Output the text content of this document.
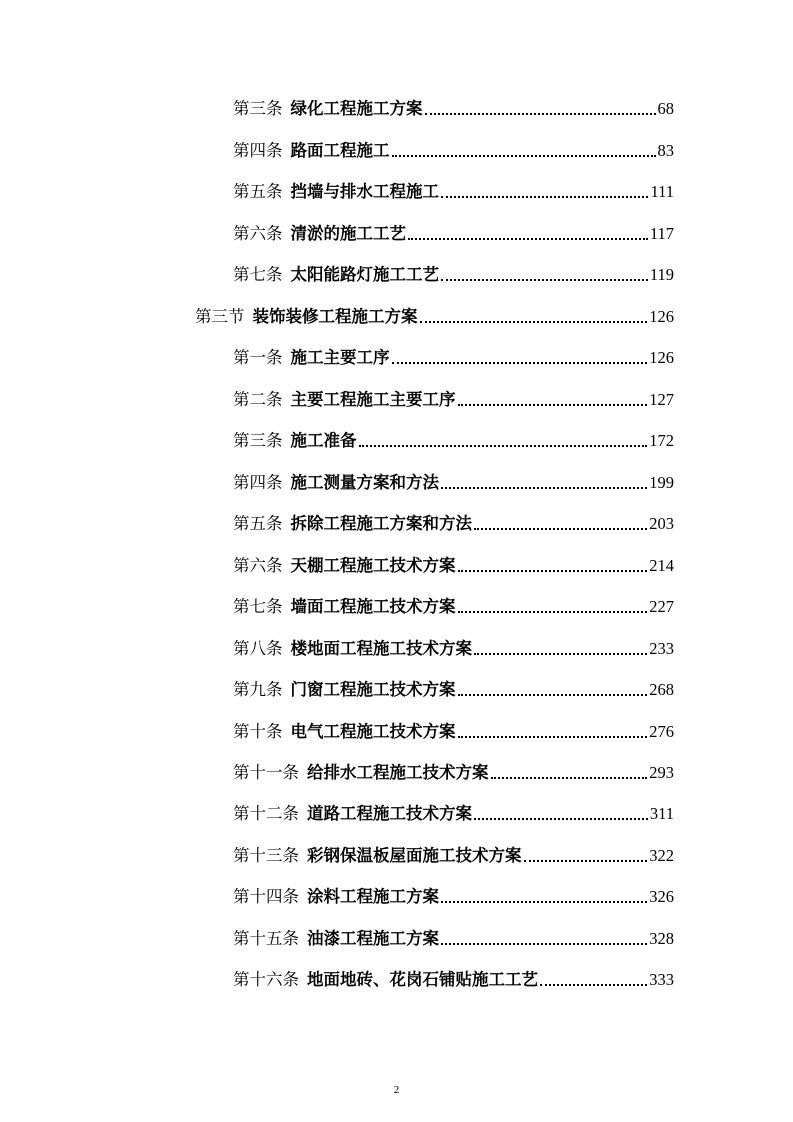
第三条 绿化工程施工方案	68
第四条 路面工程施工	83
第五条 挡墙与排水工程施工	111
第六条 清淤的施工工艺	117
第七条 太阳能路灯施工工艺	119
第三节 装饰装修工程施工方案	126
第一条 施工主要工序	126
第二条 主要工程施工主要工序	127
第三条 施工准备	172
第四条 施工测量方案和方法	199
第五条 拆除工程施工方案和方法	203
第六条 天棚工程施工技术方案	214
第七条 墙面工程施工技术方案	227
第八条 楼地面工程施工技术方案	233
第九条 门窗工程施工技术方案	268
第十条 电气工程施工技术方案	276
第十一条 给排水工程施工技术方案	293
第十二条 道路工程施工技术方案	311
第十三条 彩钢保温板屋面施工技术方案	322
第十四条 涂料工程施工方案	326
第十五条 油漆工程施工方案	328
第十六条 地面地砖、花岗石铺贴施工工艺	333
2
